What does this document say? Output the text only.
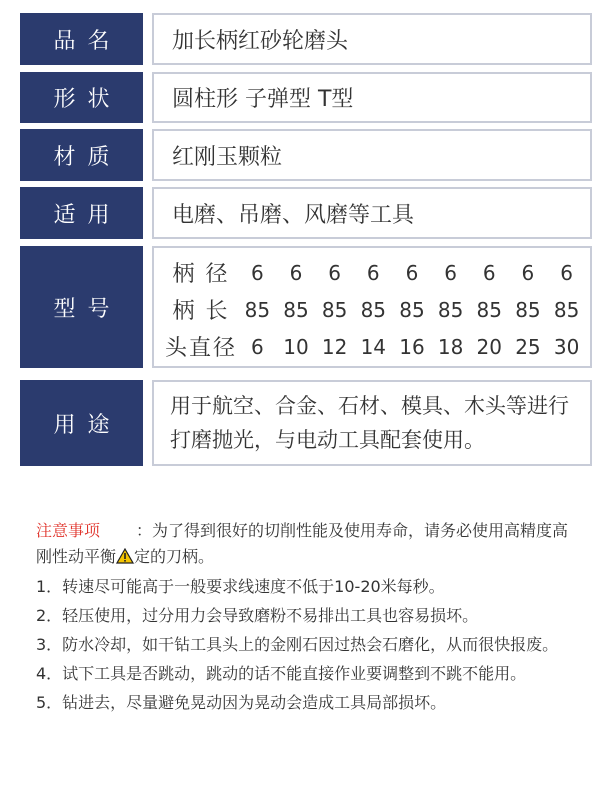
品名	加长柄红砂轮磨头
形状	圆柱形 子弹型 T型
材质	红刚玉颗粒
适用	电磨、吊磨、风磨等工具
型号
柄 径	6	6	6	6	6	6	6	6	6
柄 长 85 85 85 85 85 85 85 85 85
头直径 6 10 12 14 16 18 20 25 30
用途
用于航空、合金、石材、模具、木头等进行
打磨抛光，与电动工具配套使用。
注意事项 ：为了得到很好的切削性能及使用寿命，请务必使用高精度高
刚性动平衡 定的刀柄。
1．转速尽可能高于一般要求线速度不低于10-20米每秒。
2．轻压使用，过分用力会导致磨粉不易排出工具也容易损坏。
3．防水冷却，如干钻工具头上的金刚石因过热会石磨化，从而很快报废。
4．试下工具是否跳动，跳动的话不能直接作业要调整到不跳不能用。
5．钻进去，尽量避免晃动因为晃动会造成工具局部损坏。
